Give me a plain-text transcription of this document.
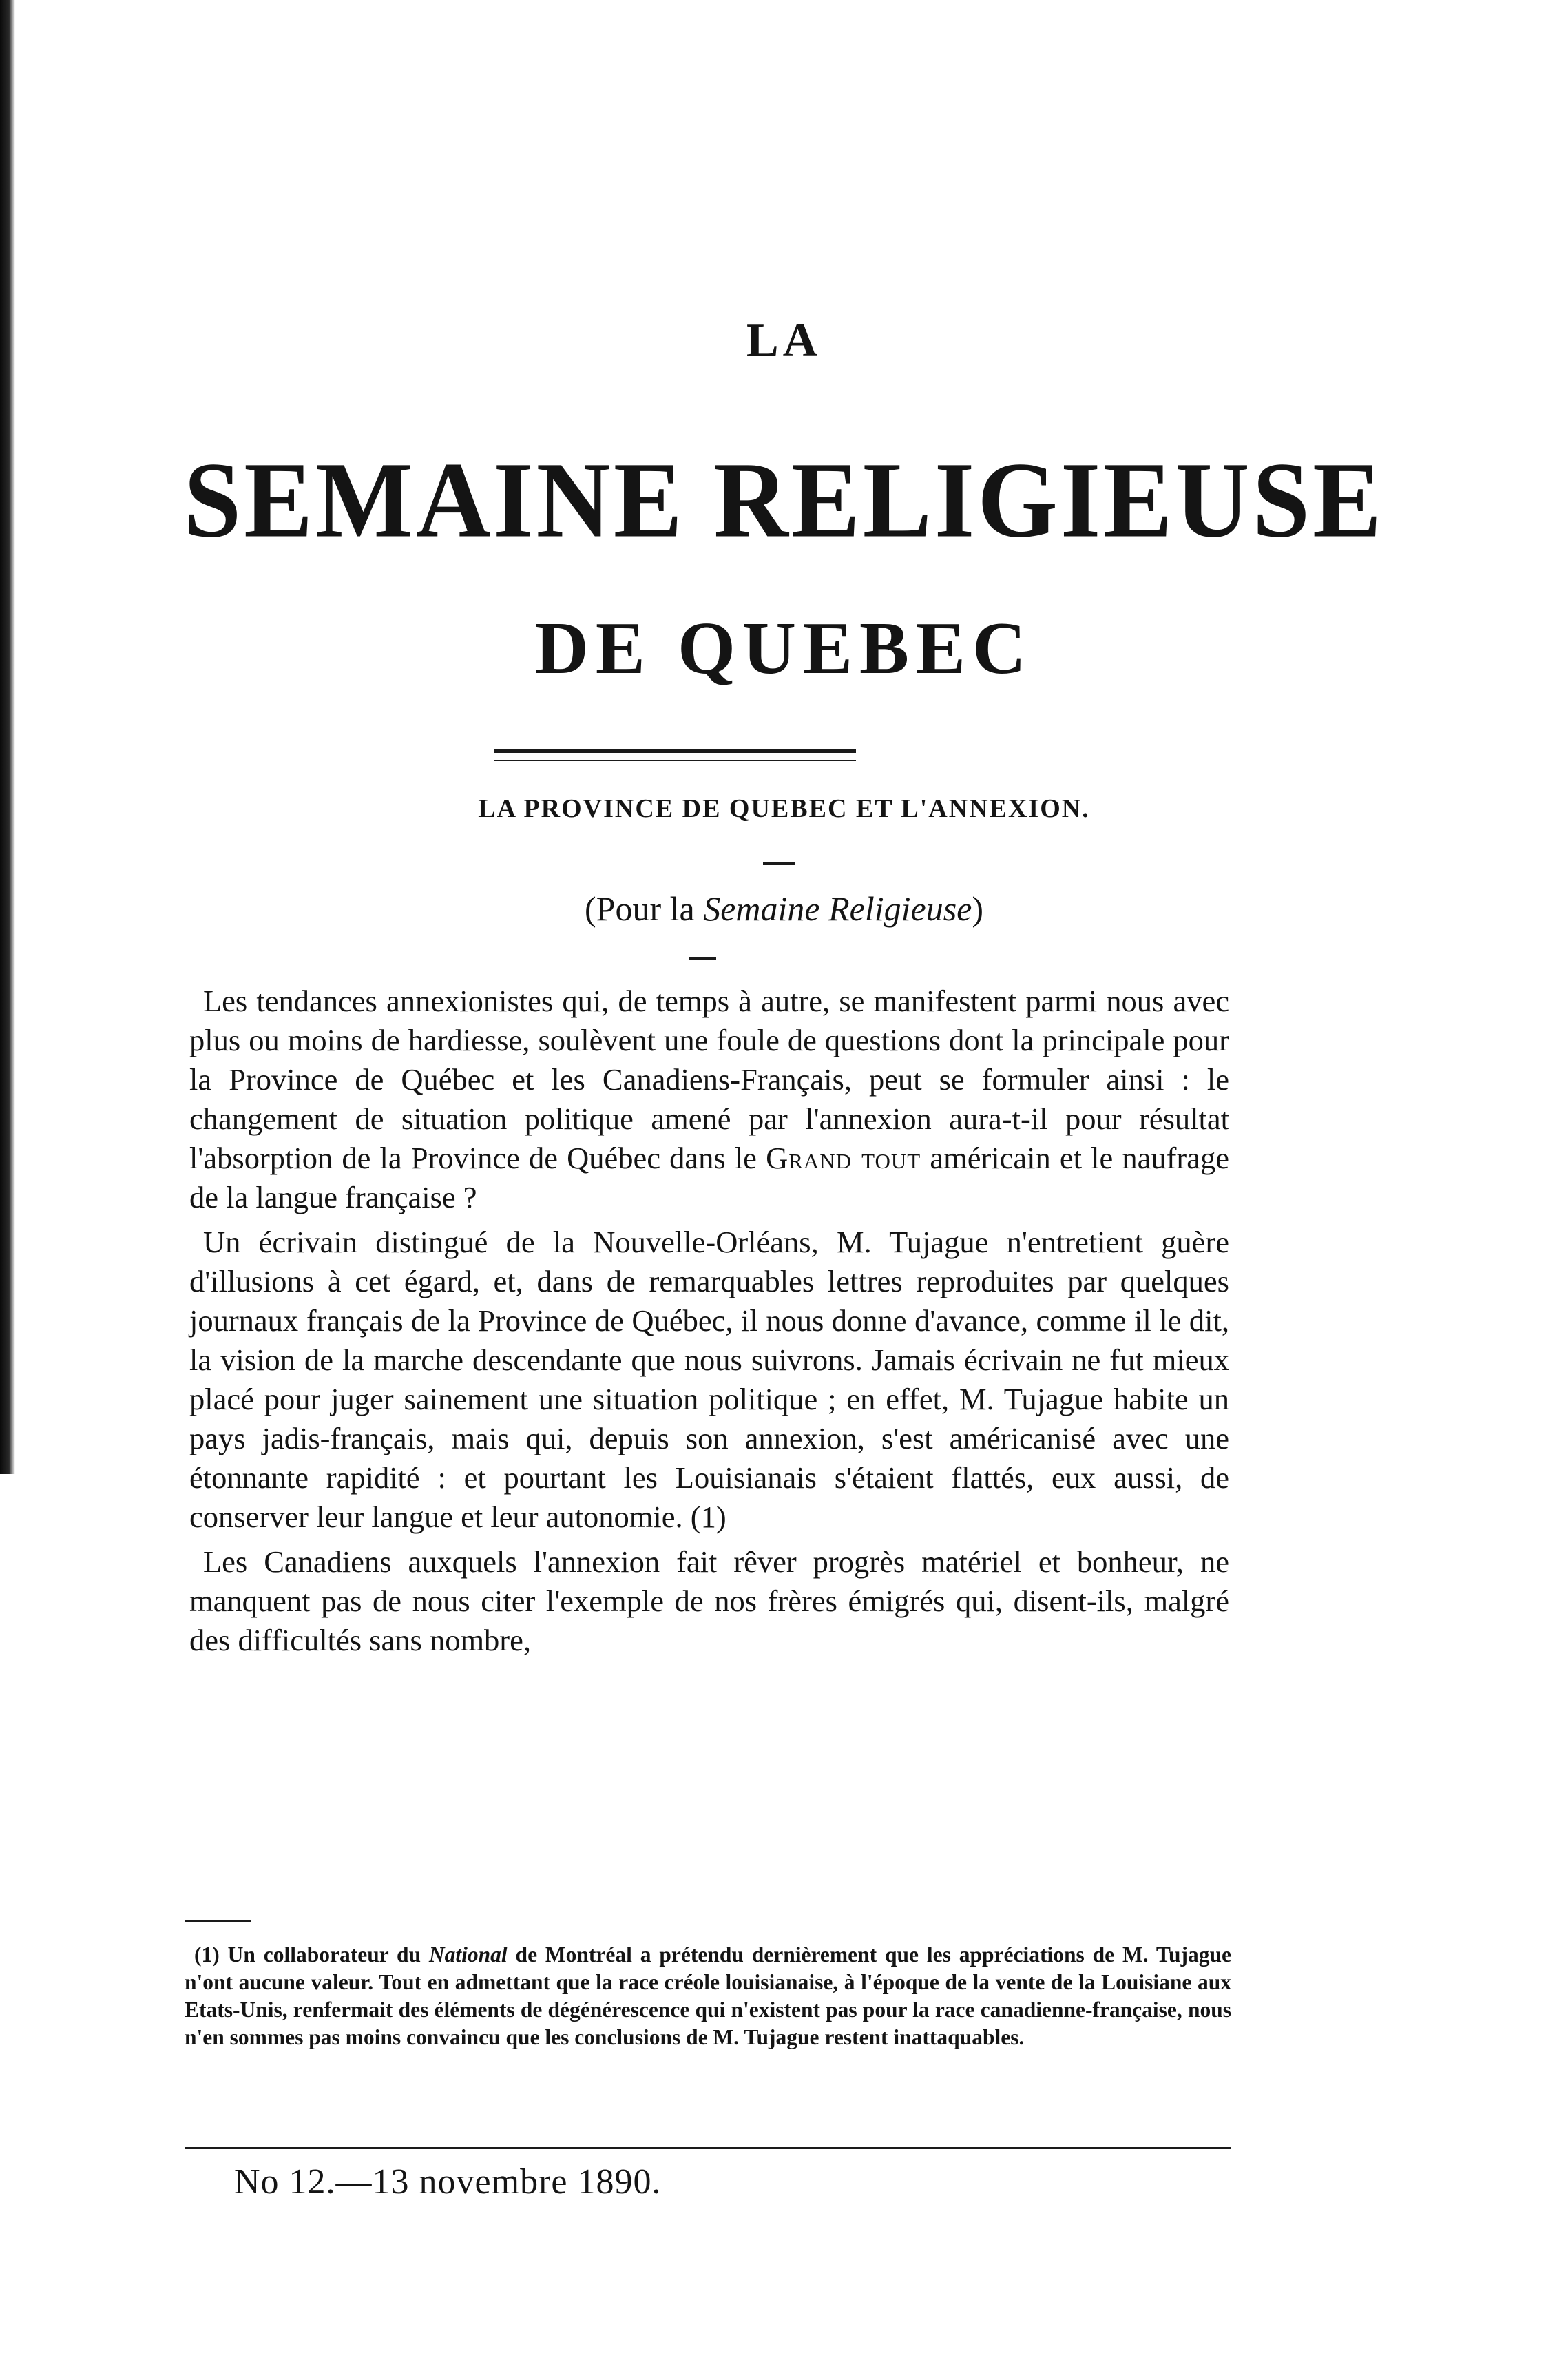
LA
SEMAINE RELIGIEUSE
DE QUEBEC
LA PROVINCE DE QUEBEC ET L'ANNEXION.
(Pour la Semaine Religieuse)

Les tendances annexionistes qui, de temps à autre, se manifestent parmi nous avec plus ou moins de hardiesse, soulèvent une foule de questions dont la principale pour la Province de Québec et les Canadiens-Français, peut se formuler ainsi : le changement de situation politique amené par l'annexion aura-t-il pour résultat l'absorption de la Province de Québec dans le Grand tout américain et le naufrage de la langue française ?

Un écrivain distingué de la Nouvelle-Orléans, M. Tujague n'entretient guère d'illusions à cet égard, et, dans de remarquables lettres reproduites par quelques journaux français de la Province de Québec, il nous donne d'avance, comme il le dit, la vision de la marche descendante que nous suivrons. Jamais écrivain ne fut mieux placé pour juger sainement une situation politique ; en effet, M. Tujague habite un pays jadis-français, mais qui, depuis son annexion, s'est américanisé avec une étonnante rapidité : et pourtant les Louisianais s'étaient flattés, eux aussi, de conserver leur langue et leur autonomie. (1)

Les Canadiens auxquels l'annexion fait rêver progrès matériel et bonheur, ne manquent pas de nous citer l'exemple de nos frères émigrés qui, disent-ils, malgré des difficultés sans nombre,

(1) Un collaborateur du National de Montréal a prétendu dernièrement que les appréciations de M. Tujague n'ont aucune valeur. Tout en admettant que la race créole louisianaise, à l'époque de la vente de la Louisiane aux Etats-Unis, renfermait des éléments de dégénérescence qui n'existent pas pour la race canadienne-française, nous n'en sommes pas moins convaincu que les conclusions de M. Tujague restent inattaquables.
No 12.—13 novembre 1890.
